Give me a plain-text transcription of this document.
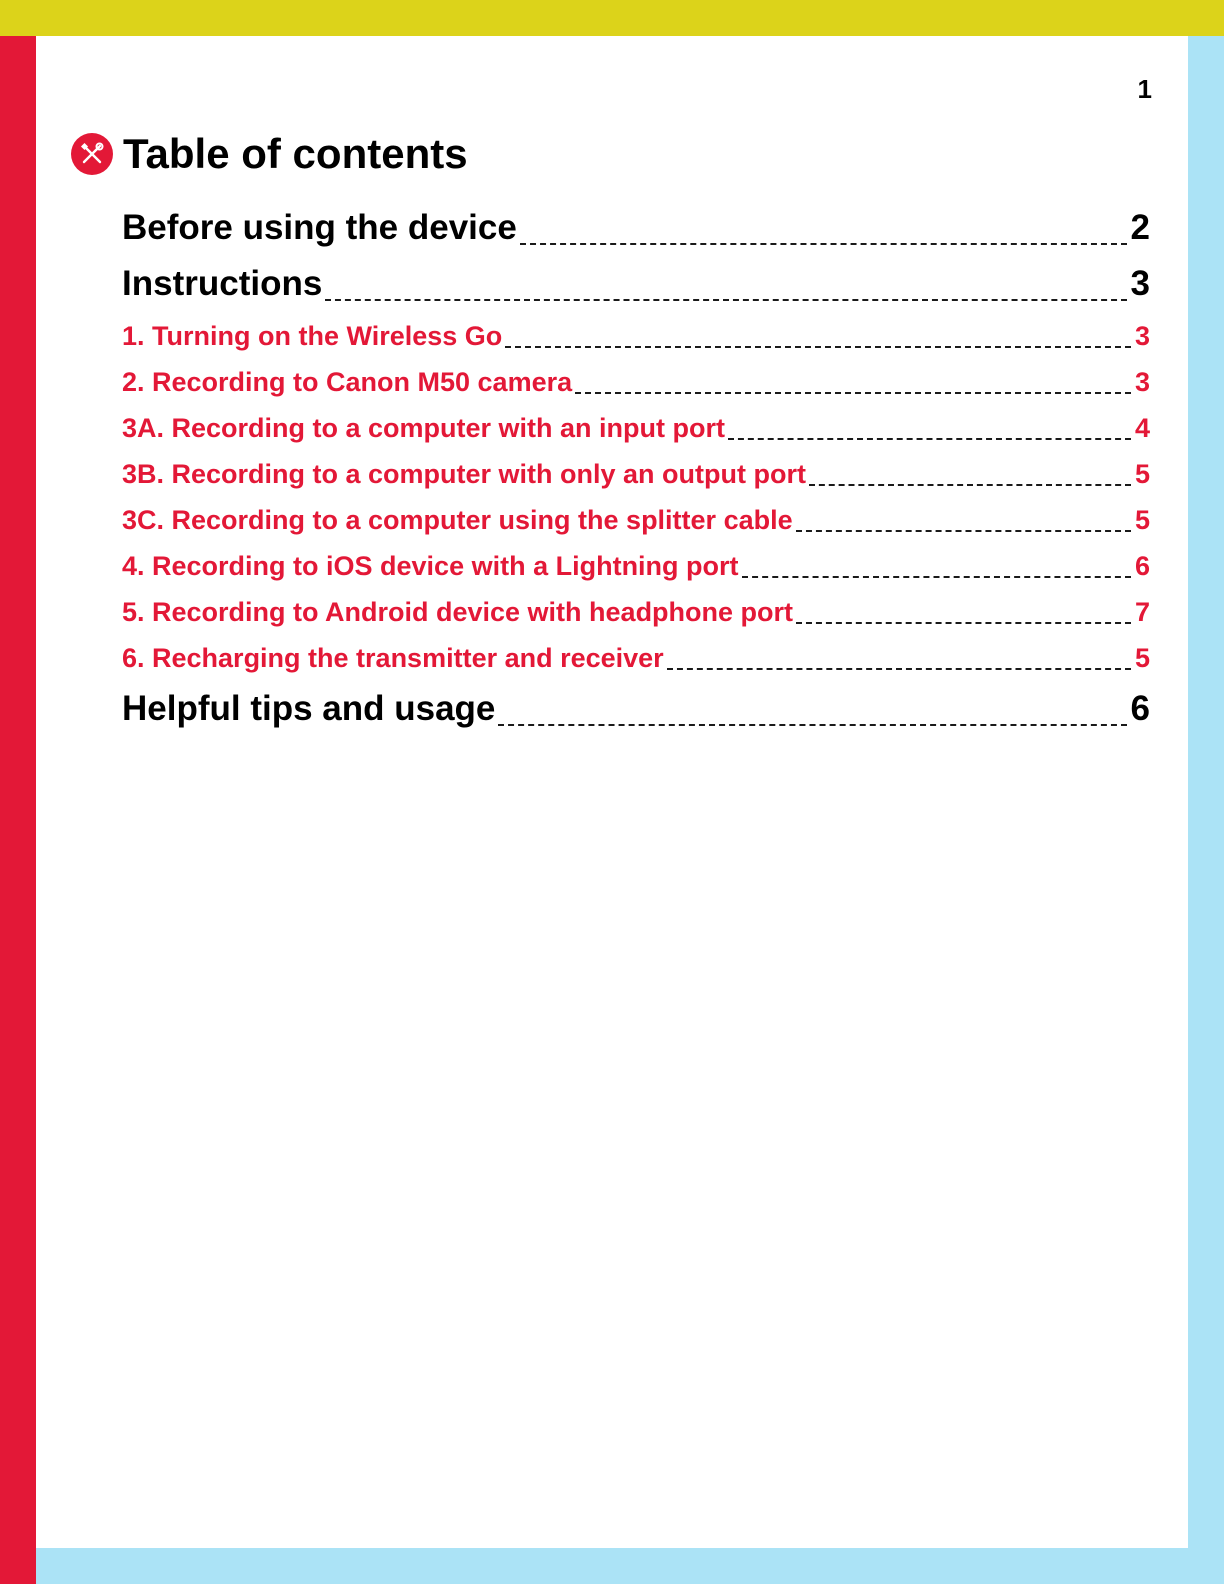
1
Table of contents
Before using the device	2
Instructions	3
1. Turning on the Wireless Go	3
2. Recording to Canon M50 camera	3
3A. Recording to a computer with an input port	4
3B. Recording to a computer with only an output port	5
3C. Recording to a computer using the splitter cable	5
4. Recording to iOS device with a Lightning port	6
5. Recording to Android device with headphone port	7
6. Recharging the transmitter and receiver	5
Helpful tips and usage	6
